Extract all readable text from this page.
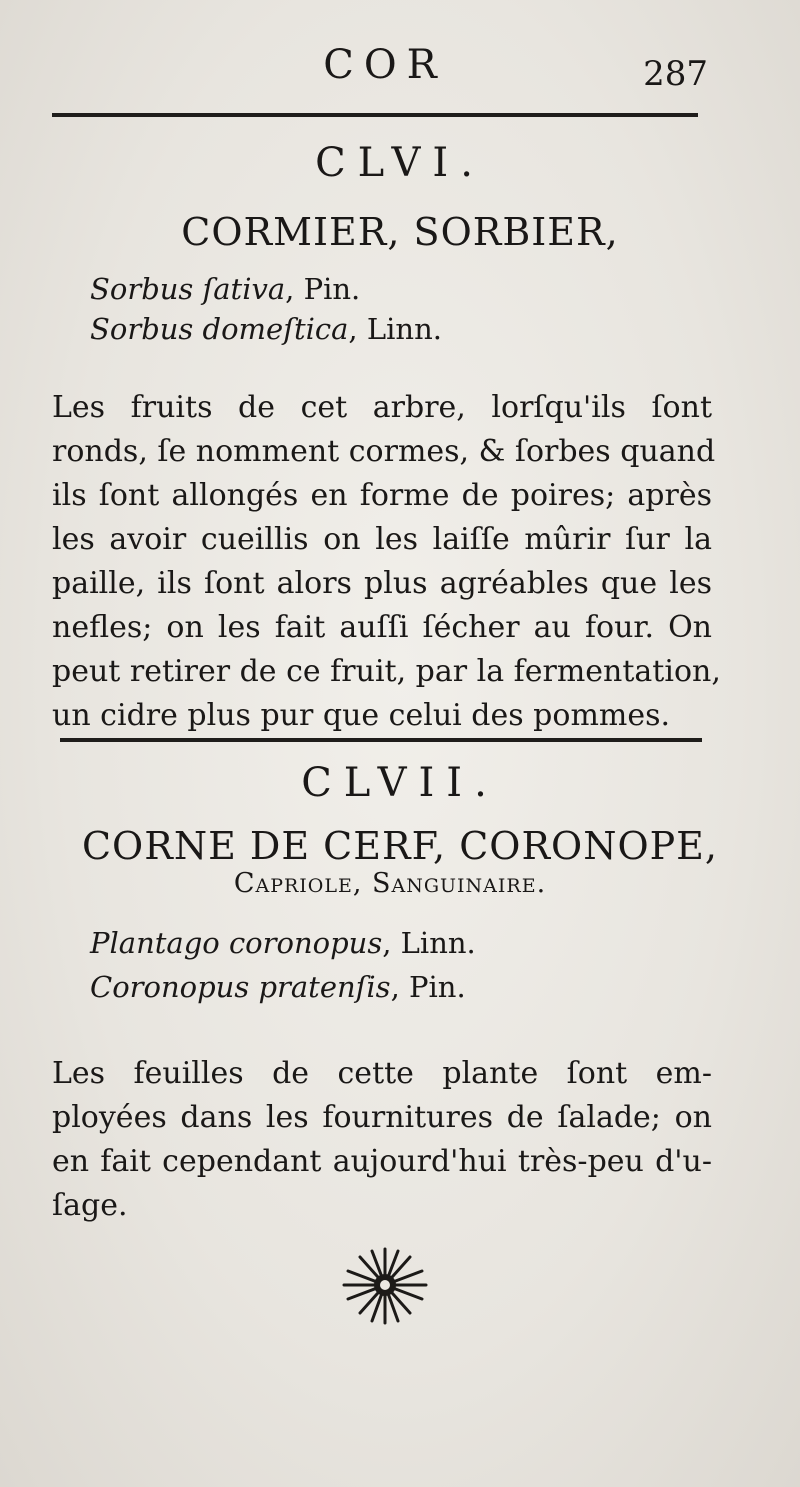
COR	287
CLVI.
CORMIER, SORBIER,
Sorbus ſativa, Pin.
Sorbus domeſtica, Linn.
Les fruits de cet arbre, lorſqu'ils ſont
ronds, ſe nomment cormes, & ſorbes quand
ils ſont allongés en forme de poires; après
les avoir cueillis on les laiſſe mûrir ſur la
paille, ils ſont alors plus agréables que les
nefles; on les fait auſſi ſécher au four. On
peut retirer de ce fruit, par la fermentation,
un cidre plus pur que celui des pommes.
CLVII.
CORNE DE CERF, CORONOPE,
Capriole, Sanguinaire.
Plantago coronopus, Linn.
Coronopus pratenſis, Pin.
Les feuilles de cette plante ſont em-
ployées dans les fournitures de ſalade; on
en fait cependant aujourd'hui très-peu d'u-
ſage.
